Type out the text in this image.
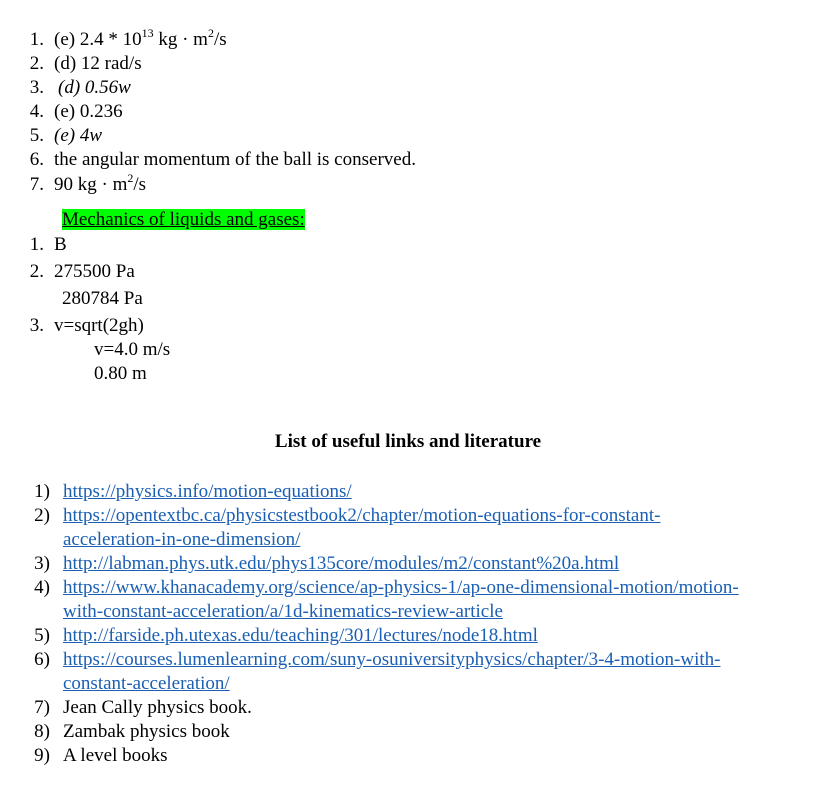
1. (e) $2.4 * 10^{13}$ kg · $m^2/s$
2. (d) 12 rad/s
3. (d) 0.56w
4. (e) 0.236
5. (e) 4w
6. the angular momentum of the ball is conserved.
7. 90 kg · $m^2/s$
Mechanics of liquids and gases:
1. B
2. 275500 Pa
280784 Pa
3. v=sqrt(2gh)
v=4.0 m/s
0.80 m
List of useful links and literature
1) https://physics.info/motion-equations/
2) https://opentextbc.ca/physicstestbook2/chapter/motion-equations-for-constant-
acceleration-in-one-dimension/
3) http://labman.phys.utk.edu/phys135core/modules/m2/constant%20a.html
4) https://www.khanacademy.org/science/ap-physics-1/ap-one-dimensional-motion/motion-
with-constant-acceleration/a/1d-kinematics-review-article
5) http://farside.ph.utexas.edu/teaching/301/lectures/node18.html
6) https://courses.lumenlearning.com/suny-osuniversityphysics/chapter/3-4-motion-with-
constant-acceleration/
7) Jean Cally physics book.
8) Zambak physics book
9) A level books
